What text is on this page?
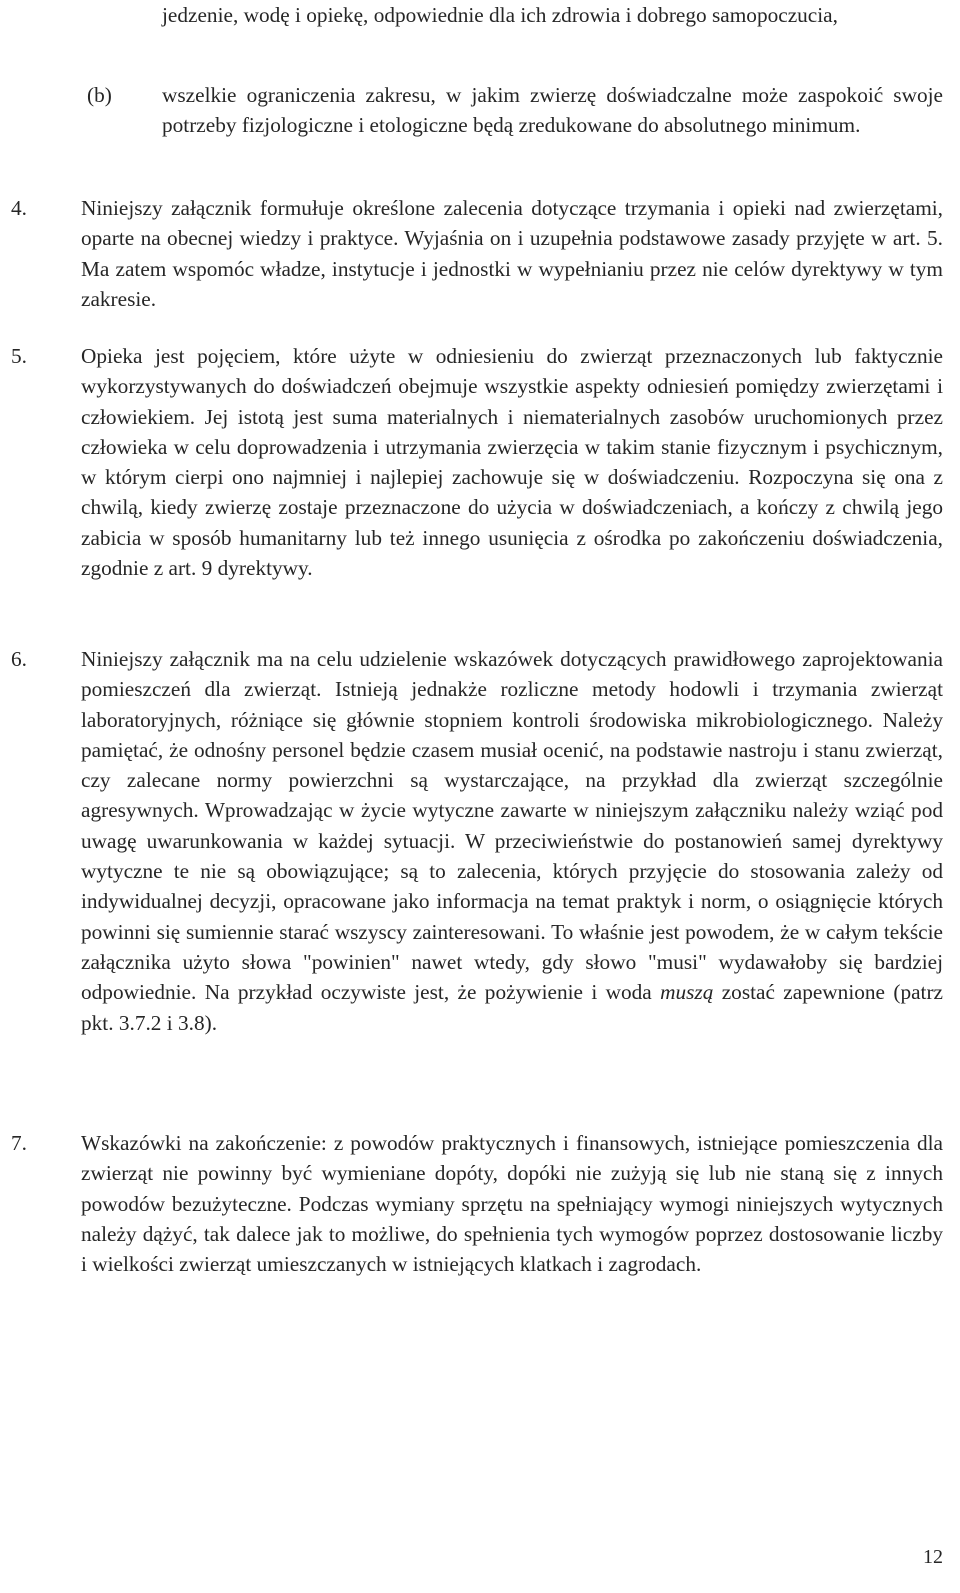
jedzenie, wodę i opiekę, odpowiednie dla ich zdrowia i dobrego samopoczucia,
(b) wszelkie ograniczenia zakresu, w jakim zwierzę doświadczalne może zaspokoić swoje potrzeby fizjologiczne i etologiczne będą zredukowane do absolutnego minimum.
4.	Niniejszy załącznik formułuje określone zalecenia dotyczące trzymania i opieki nad zwierzętami, oparte na obecnej wiedzy i praktyce. Wyjaśnia on i uzupełnia podstawowe zasady przyjęte w art. 5. Ma zatem wspomóc władze, instytucje i jednostki w wypełnianiu przez nie celów dyrektywy w tym zakresie.
5.	Opieka jest pojęciem, które użyte w odniesieniu do zwierząt przeznaczonych lub faktycznie wykorzystywanych do doświadczeń obejmuje wszystkie aspekty odniesień pomiędzy zwierzętami i człowiekiem. Jej istotą jest suma materialnych i niematerialnych zasobów uruchomionych przez człowieka w celu doprowadzenia i utrzymania zwierzęcia w takim stanie fizycznym i psychicznym, w którym cierpi ono najmniej i najlepiej zachowuje się w doświadczeniu. Rozpoczyna się ona z chwilą, kiedy zwierzę zostaje przeznaczone do użycia w doświadczeniach, a kończy z chwilą jego zabicia w sposób humanitarny lub też innego usunięcia z ośrodka po zakończeniu doświadczenia, zgodnie z art. 9 dyrektywy.
6.	Niniejszy załącznik ma na celu udzielenie wskazówek dotyczących prawidłowego zaprojektowania pomieszczeń dla zwierząt. Istnieją jednakże rozliczne metody hodowli i trzymania zwierząt laboratoryjnych, różniące się głównie stopniem kontroli środowiska mikrobiologicznego. Należy pamiętać, że odnośny personel będzie czasem musiał ocenić, na podstawie nastroju i stanu zwierząt, czy zalecane normy powierzchni są wystarczające, na przykład dla zwierząt szczególnie agresywnych. Wprowadzając w życie wytyczne zawarte w niniejszym załączniku należy wziąć pod uwagę uwarunkowania w każdej sytuacji. W przeciwieństwie do postanowień samej dyrektywy wytyczne te nie są obowiązujące; są to zalecenia, których przyjęcie do stosowania zależy od indywidualnej decyzji, opracowane jako informacja na temat praktyk i norm, o osiągnięcie których powinni się sumiennie starać wszyscy zainteresowani. To właśnie jest powodem, że w całym tekście załącznika użyto słowa "powinien" nawet wtedy, gdy słowo "musi" wydawałoby się bardziej odpowiednie. Na przykład oczywiste jest, że pożywienie i woda muszą zostać zapewnione (patrz pkt. 3.7.2 i 3.8).
7.	Wskazówki na zakończenie: z powodów praktycznych i finansowych, istniejące pomieszczenia dla zwierząt nie powinny być wymieniane dopóty, dopóki nie zużyją się lub nie staną się z innych powodów bezużyteczne. Podczas wymiany sprzętu na spełniający wymogi niniejszych wytycznych należy dążyć, tak dalece jak to możliwe, do spełnienia tych wymogów poprzez dostosowanie liczby i wielkości zwierząt umieszczanych w istniejących klatkach i zagrodach.
12
